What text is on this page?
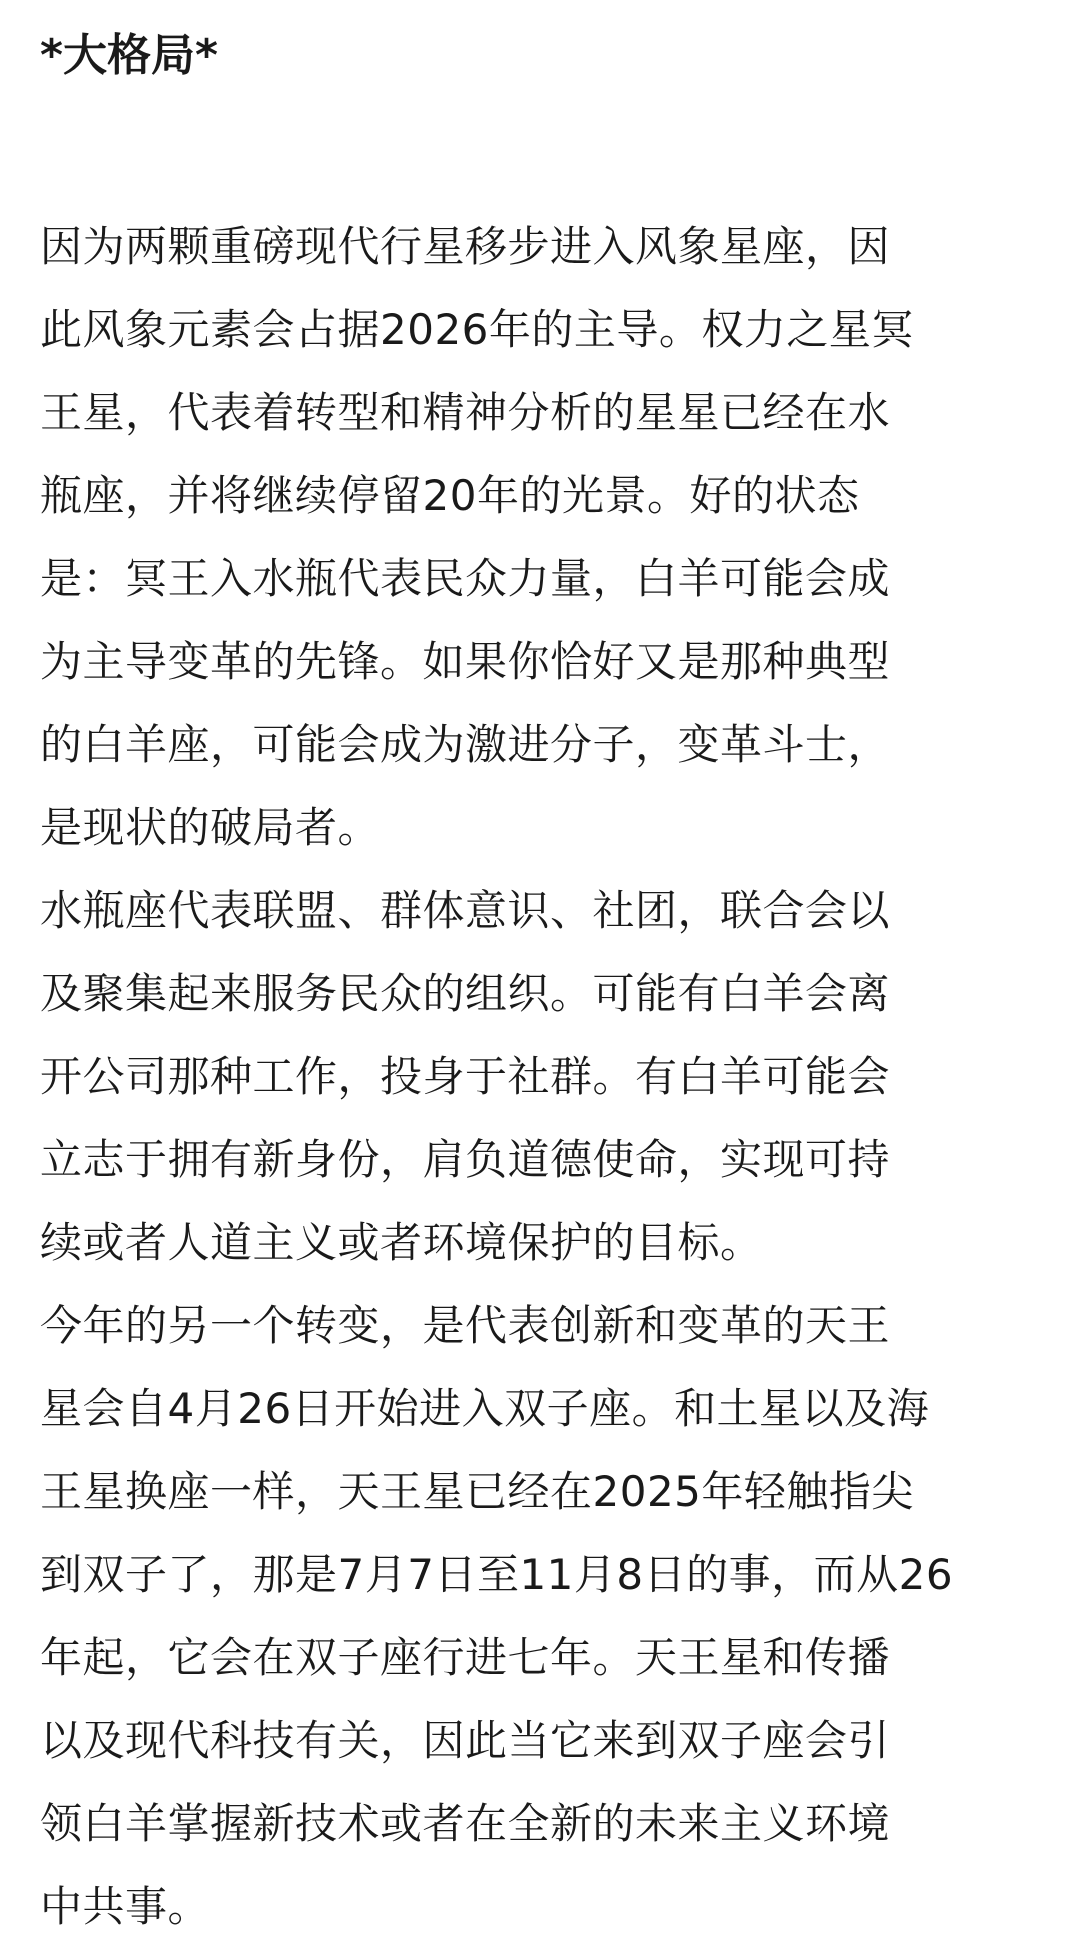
*大格局*
因为两颗重磅现代行星移步进入风象星座，因
此风象元素会占据2026年的主导。权力之星冥
王星，代表着转型和精神分析的星星已经在水
瓶座，并将继续停留20年的光景。好的状态
是：冥王入水瓶代表民众力量，白羊可能会成
为主导变革的先锋。如果你恰好又是那种典型
的白羊座，可能会成为激进分子，变革斗士，
是现状的破局者。
水瓶座代表联盟、群体意识、社团，联合会以
及聚集起来服务民众的组织。可能有白羊会离
开公司那种工作，投身于社群。有白羊可能会
立志于拥有新身份，肩负道德使命，实现可持
续或者人道主义或者环境保护的目标。
今年的另一个转变，是代表创新和变革的天王
星会自4月26日开始进入双子座。和土星以及海
王星换座一样，天王星已经在2025年轻触指尖
到双子了，那是7月7日至11月8日的事，而从26
年起，它会在双子座行进七年。天王星和传播
以及现代科技有关，因此当它来到双子座会引
领白羊掌握新技术或者在全新的未来主义环境
中共事。
